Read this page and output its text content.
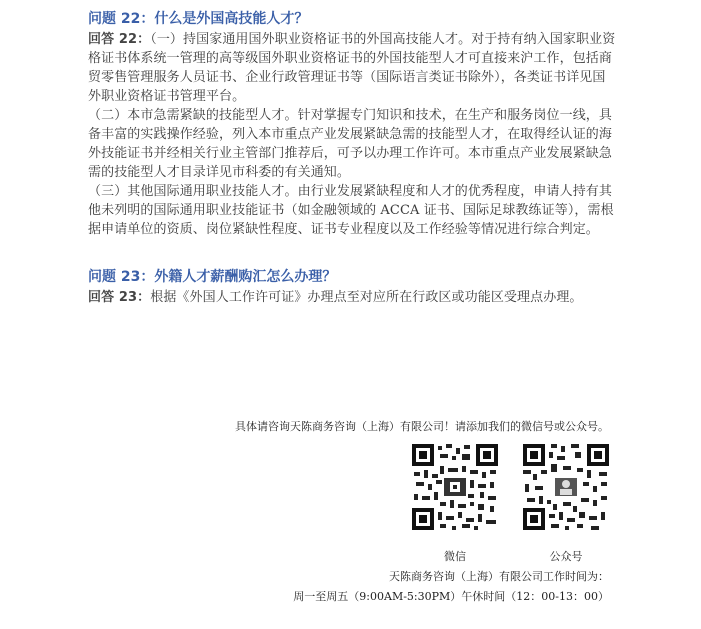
问题 22：什么是外国高技能人才？

回答 22：（一）持国家通用国外职业资格证书的外国高技能人才。对于持有纳入国家职业资格证书体系统一管理的高等级国外职业资格证书的外国技能型人才可直接来沪工作，包括商贸零售管理服务人员证书、企业行政管理证书等（国际语言类证书除外），各类证书详见国外职业资格证书管理平台。

（二）本市急需紧缺的技能型人才。针对掌握专门知识和技术，在生产和服务岗位一线，具备丰富的实践操作经验，列入本市重点产业发展紧缺急需的技能型人才，在取得经认证的海外技能证书并经相关行业主管部门推荐后，可予以办理工作许可。本市重点产业发展紧缺急需的技能型人才目录详见市科委的有关通知。

（三）其他国际通用职业技能人才。由行业发展紧缺程度和人才的优秀程度，申请人持有其他未列明的国际通用职业技能证书（如金融领域的 ACCA 证书、国际足球教练证等），需根据申请单位的资质、岗位紧缺性程度、证书专业程度以及工作经验等情况进行综合判定。

问题 23：外籍人才薪酬购汇怎么办理？

回答 23：根据《外国人工作许可证》办理点至对应所在行政区或功能区受理点办理。

具体请咨询天陈商务咨询（上海）有限公司！请添加我们的微信号或公众号。
微信	公众号
天陈商务咨询（上海）有限公司工作时间为：
周一至周五（9:00AM-5:30PM）午休时间（12：00-13：00）
